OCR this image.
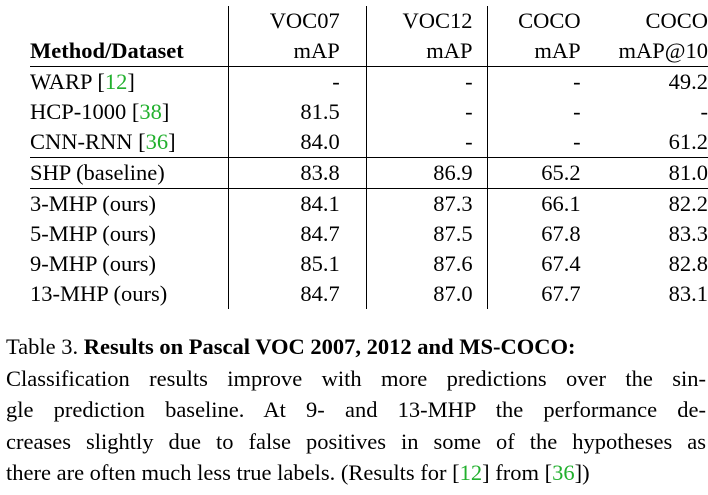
	VOC07	VOC12	COCO	COCO
Method/Dataset	mAP	mAP	mAP	mAP@10
WARP [12]	-	-	-	49.2
HCP-1000 [38]	81.5	-	-	-
CNN-RNN [36]	84.0	-	-	61.2
SHP (baseline)	83.8	86.9	65.2	81.0
3-MHP (ours)	84.1	87.3	66.1	82.2
5-MHP (ours)	84.7	87.5	67.8	83.3
9-MHP (ours)	85.1	87.6	67.4	82.8
13-MHP (ours)	84.7	87.0	67.7	83.1
Table 3. Results on Pascal VOC 2007, 2012 and MS-COCO:
Classification results improve with more predictions over the sin-
gle prediction baseline. At 9- and 13-MHP the performance de-
creases slightly due to false positives in some of the hypotheses as
there are often much less true labels. (Results for [12] from [36])
